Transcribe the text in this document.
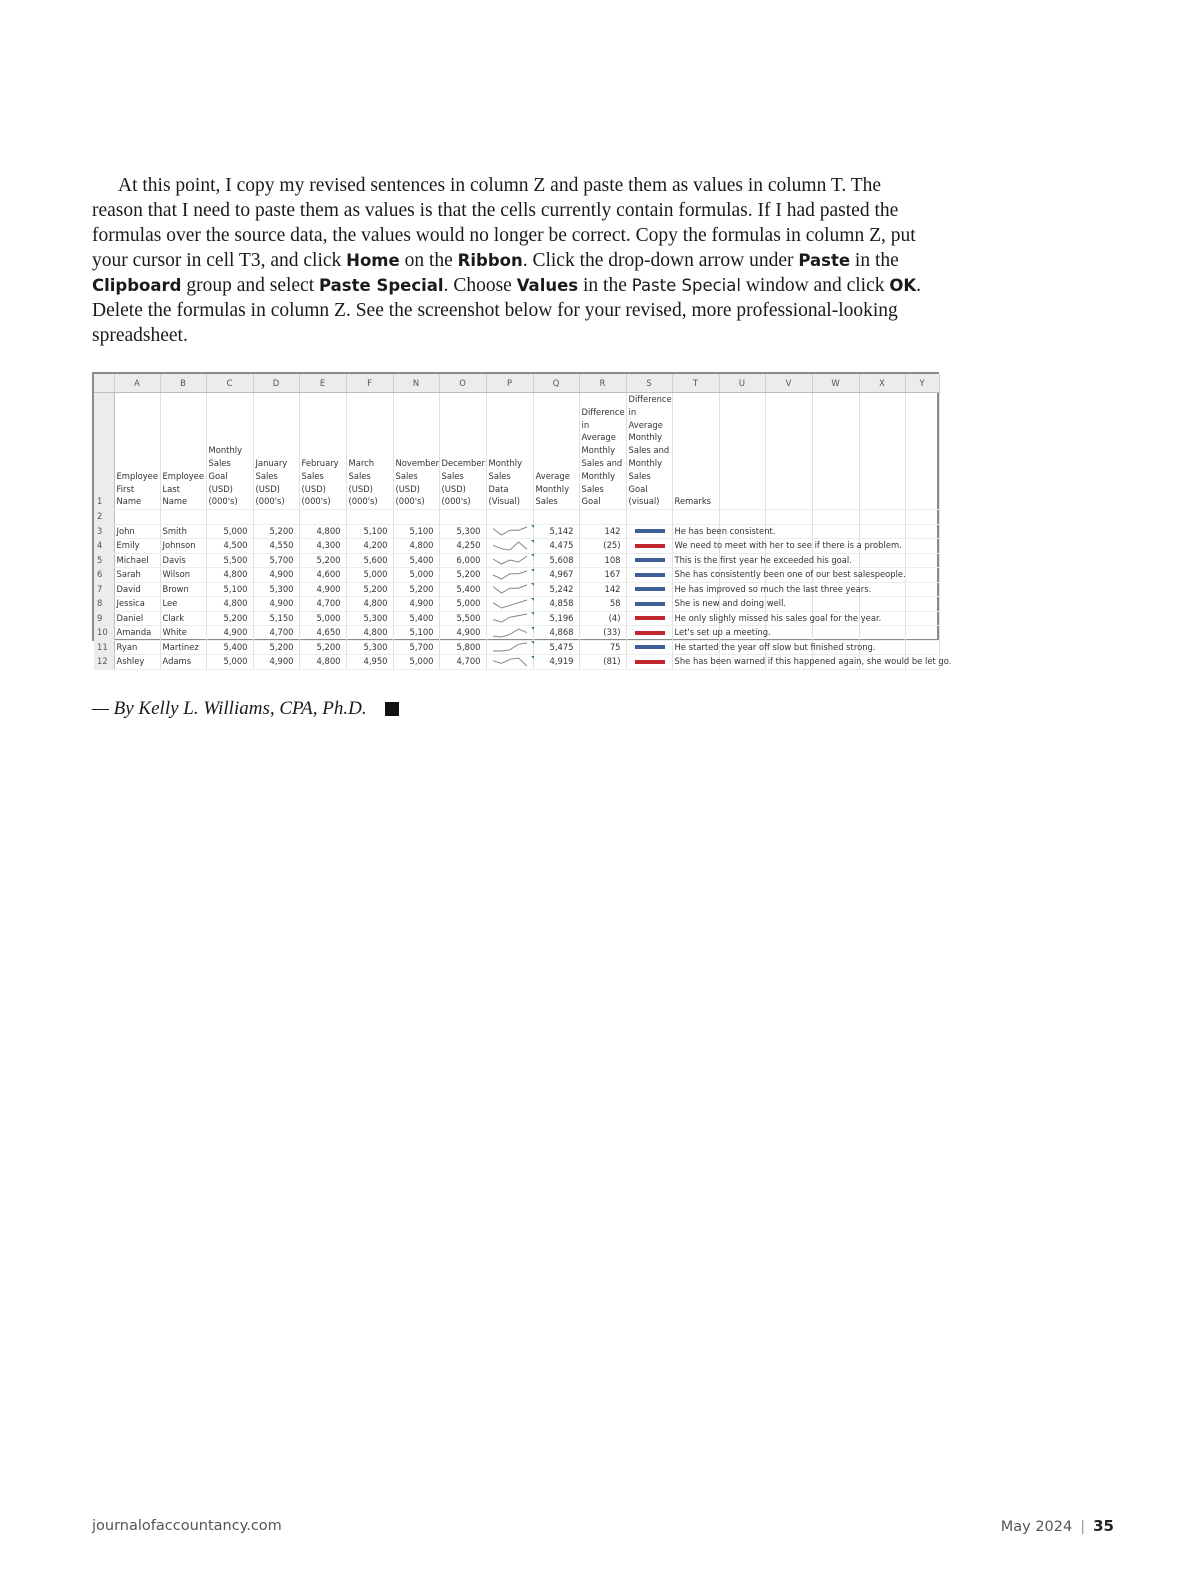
At this point, I copy my revised sentences in column Z and paste them as values in column T. The reason that I need to paste them as values is that the cells currently contain formulas. If I had pasted the formulas over the source data, the values would no longer be correct. Copy the formulas in column Z, put your cursor in cell T3, and click Home on the Ribbon. Click the drop-down arrow under Paste in the Clipboard group and select Paste Special. Choose Values in the Paste Special window and click OK. Delete the formulas in column Z. See the screenshot below for your revised, more professional-looking spreadsheet.

	A	B	C	D	E	F	N	O	P	Q	R	S	T	U	V	W	X	Y
1	Employee First Name	Employee Last Name	Monthly Sales Goal (USD) (000's)	January Sales (USD) (000's)	February Sales (USD) (000's)	March Sales (USD) (000's)	November Sales (USD) (000's)	December Sales (USD) (000's)	Monthly Sales Data (Visual)	Average Monthly Sales	Difference in Average Monthly Sales and Monthly Sales Goal	Difference in Average Monthly Sales and Monthly Sales Goal (visual)	Remarks					

2																		
3	John	Smith	5,000	5,200	4,800	5,100	5,100	5,300		5,142	142		He has been consistent.					
4	Emily	Johnson	4,500	4,550	4,300	4,200	4,800	4,250		4,475	(25)		We need to meet with her to see if there is a problem.					
5	Michael	Davis	5,500	5,700	5,200	5,600	5,400	6,000		5,608	108		This is the first year he exceeded his goal.					
6	Sarah	Wilson	4,800	4,900	4,600	5,000	5,000	5,200		4,967	167		She has consistently been one of our best salespeople.					
7	David	Brown	5,100	5,300	4,900	5,200	5,200	5,400		5,242	142		He has improved so much the last three years.					
8	Jessica	Lee	4,800	4,900	4,700	4,800	4,900	5,000		4,858	58		She is new and doing well.					
9	Daniel	Clark	5,200	5,150	5,000	5,300	5,400	5,500		5,196	(4)		He only slighly missed his sales goal for the year.					
10	Amanda	White	4,900	4,700	4,650	4,800	5,100	4,900		4,868	(33)		Let's set up a meeting.					
11	Ryan	Martinez	5,400	5,200	5,200	5,300	5,700	5,800		5,475	75		He started the year off slow but finished strong.					
12	Ashley	Adams	5,000	4,900	4,800	4,950	5,000	4,700		4,919	(81)		She has been warned if this happened again, she would be let go.					
— By Kelly L. Williams, CPA, Ph.D.
journalofaccountancy.com	May 2024 | 35
